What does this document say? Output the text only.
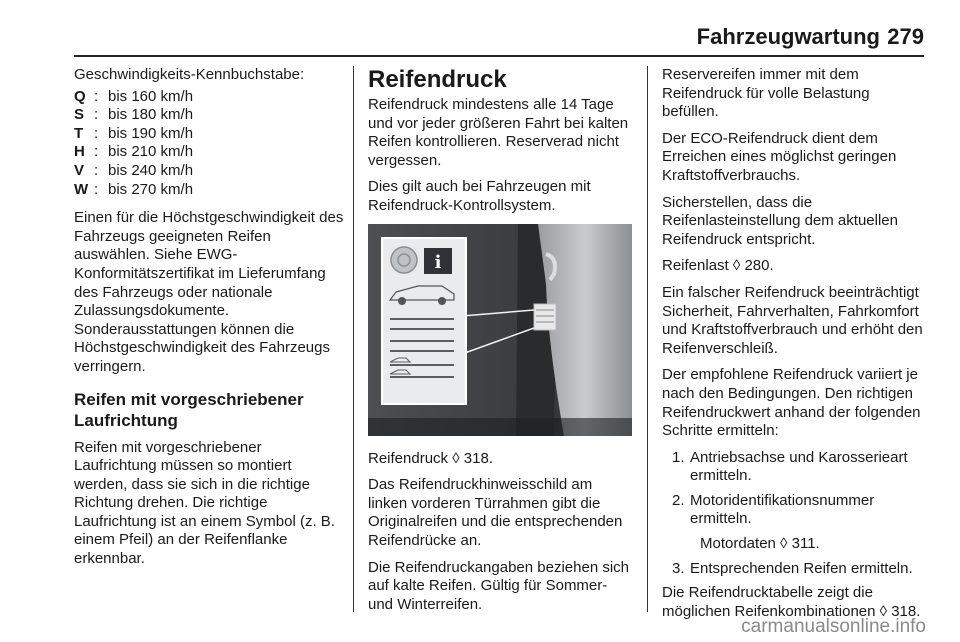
Fahrzeugwartung 279

Geschwindigkeits-Kennbuchstabe:

Q : bis 160 km/h
S : bis 180 km/h
T : bis 190 km/h
H : bis 210 km/h
V : bis 240 km/h
W : bis 270 km/h

Einen für die Höchstgeschwindigkeit des Fahrzeugs geeigneten Reifen auswählen. Siehe EWG-Konformitätszertifikat im Lieferumfang des Fahrzeugs oder nationale Zulassungsdokumente. Sonderausstattungen können die Höchstgeschwindigkeit des Fahrzeugs verringern.

Reifen mit vorgeschriebener Laufrichtung

Reifen mit vorgeschriebener Laufrichtung müssen so montiert werden, dass sie sich in die richtige Richtung drehen. Die richtige Laufrichtung ist an einem Symbol (z. B. einem Pfeil) an der Reifenflanke erkennbar.

Reifendruck

Reifendruck mindestens alle 14 Tage und vor jeder größeren Fahrt bei kalten Reifen kontrollieren. Reserverad nicht vergessen.

Dies gilt auch bei Fahrzeugen mit Reifendruck-Kontrollsystem.

i

Reifendruck ◊ 318.

Das Reifendruckhinweisschild am linken vorderen Türrahmen gibt die Originalreifen und die entsprechenden Reifendrücke an.

Die Reifendruckangaben beziehen sich auf kalte Reifen. Gültig für Sommer- und Winterreifen.

Reservereifen immer mit dem Reifendruck für volle Belastung befüllen.

Der ECO-Reifendruck dient dem Erreichen eines möglichst geringen Kraftstoffverbrauchs.

Sicherstellen, dass die Reifenlasteinstellung dem aktuellen Reifendruck entspricht.

Reifenlast ◊ 280.

Ein falscher Reifendruck beeinträchtigt Sicherheit, Fahrverhalten, Fahrkomfort und Kraftstoffverbrauch und erhöht den Reifenverschleiß.

Der empfohlene Reifendruck variiert je nach den Bedingungen. Den richtigen Reifendruckwert anhand der folgenden Schritte ermitteln:

1. Antriebsachse und Karosserieart ermitteln.
2. Motoridentifikationsnummer ermitteln.
Motordaten ◊ 311.
3. Entsprechenden Reifen ermitteln.

Die Reifendrucktabelle zeigt die möglichen Reifenkombinationen ◊ 318.

carmanualsonline.info
